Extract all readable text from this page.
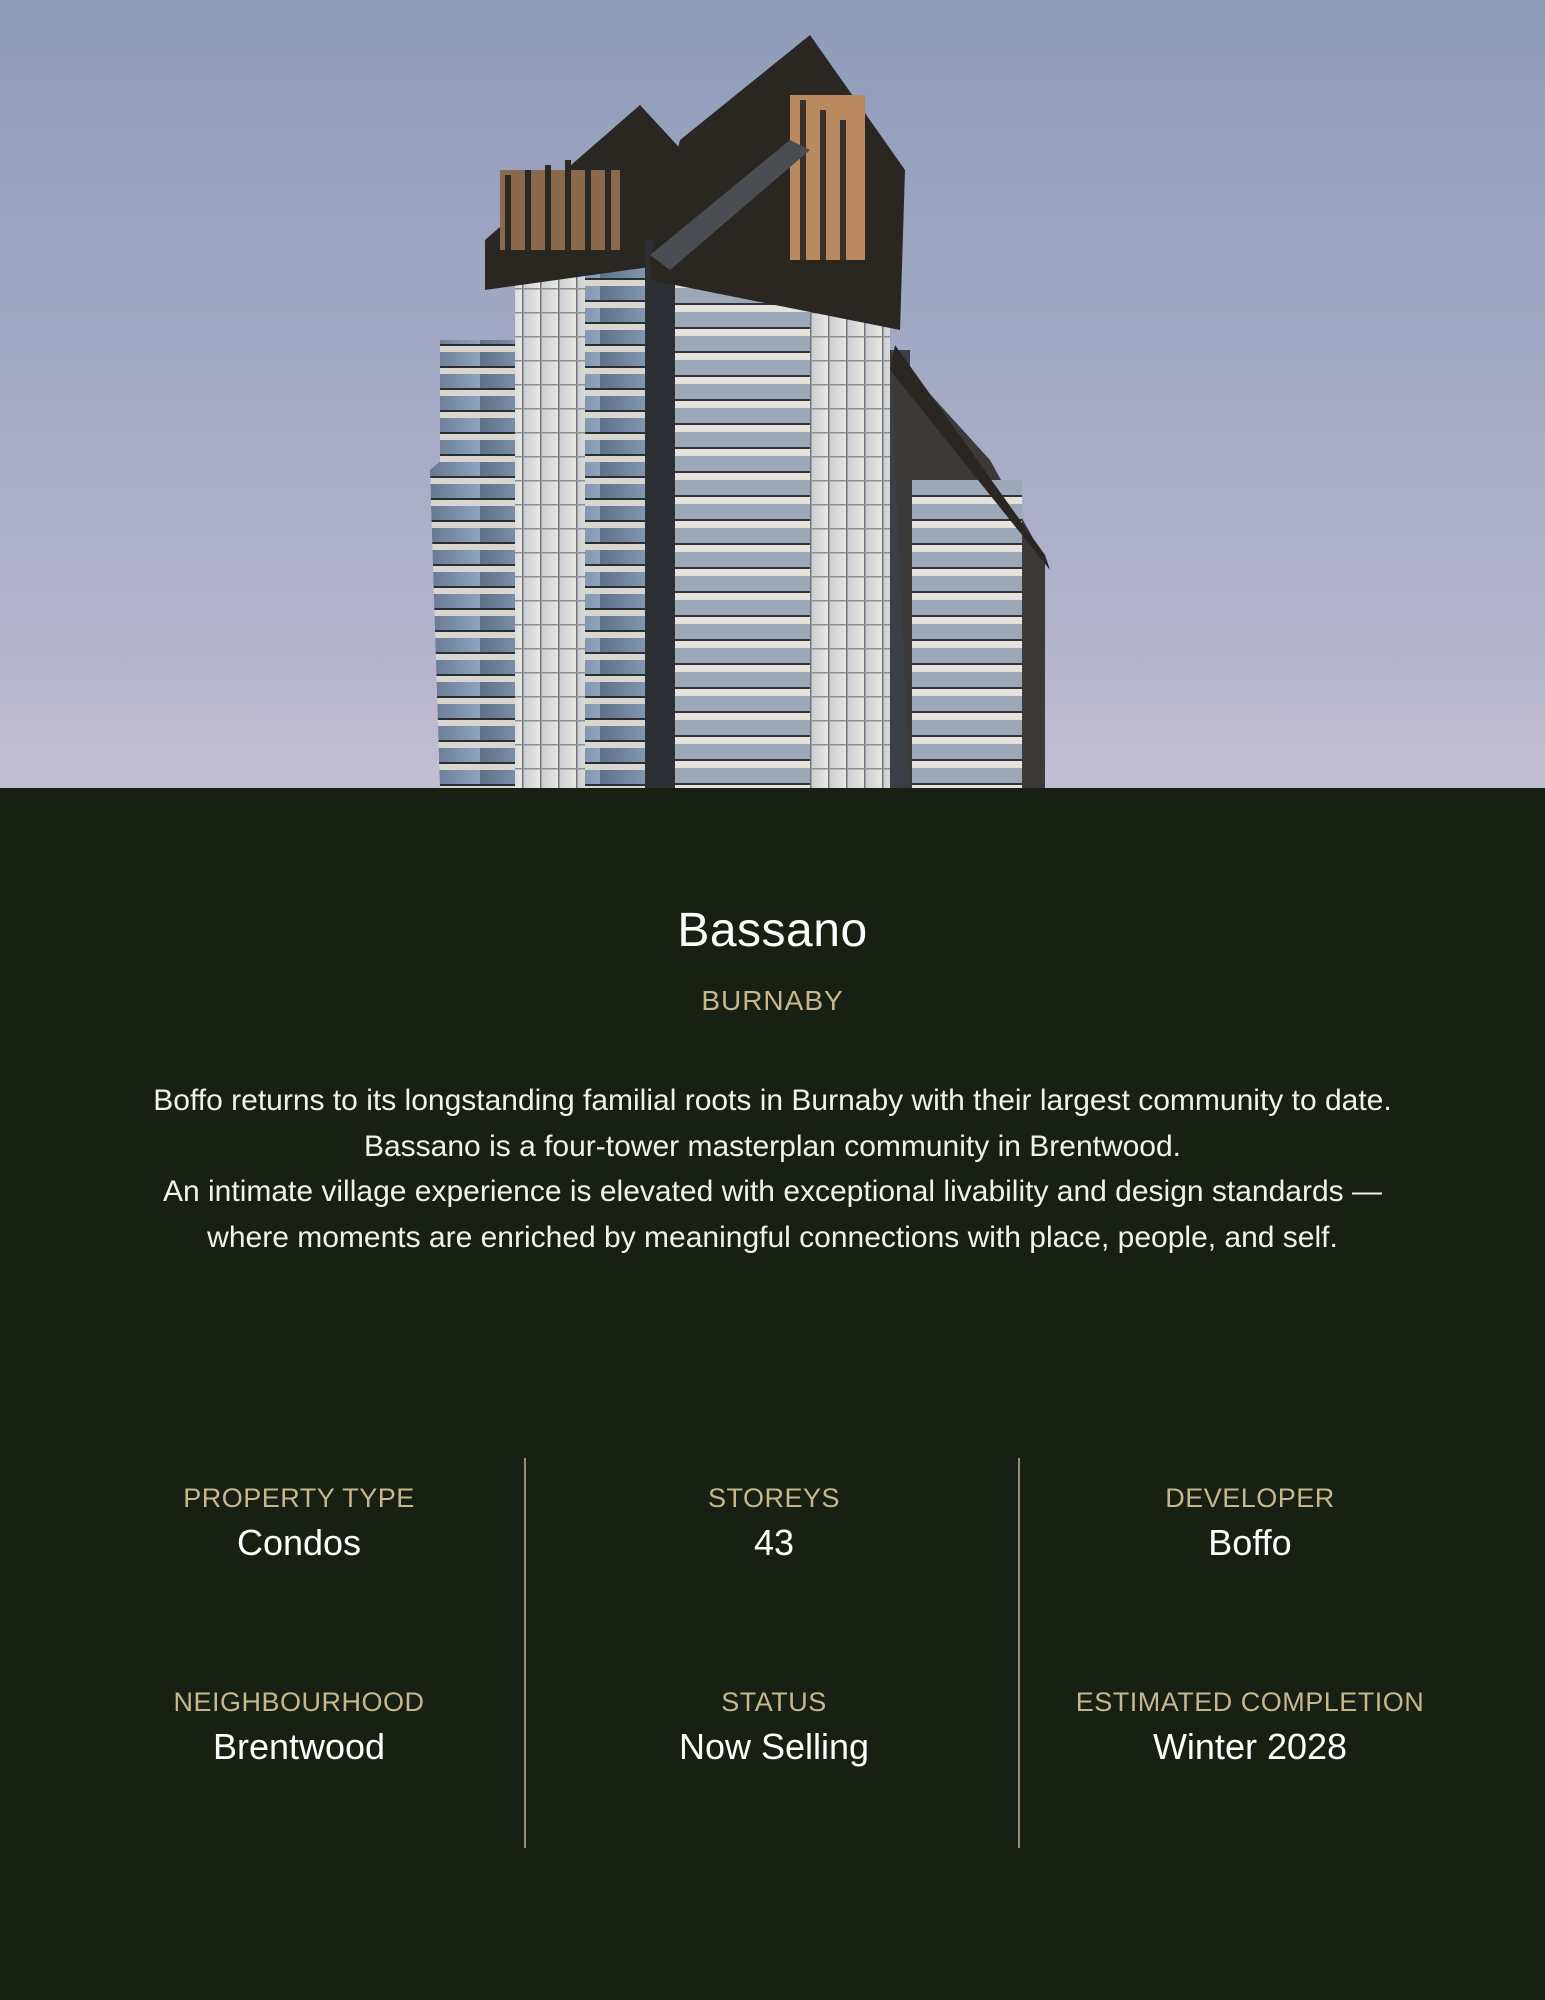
Bassano
BURNABY
Boffo returns to its longstanding familial roots in Burnaby with their largest community to date.
Bassano is a four-tower masterplan community in Brentwood.
An intimate village experience is elevated with exceptional livability and design standards —
where moments are enriched by meaningful connections with place, people, and self.
PROPERTY TYPE
Condos
STOREYS
43
DEVELOPER
Boffo
NEIGHBOURHOOD
Brentwood
STATUS
Now Selling
ESTIMATED COMPLETION
Winter 2028
